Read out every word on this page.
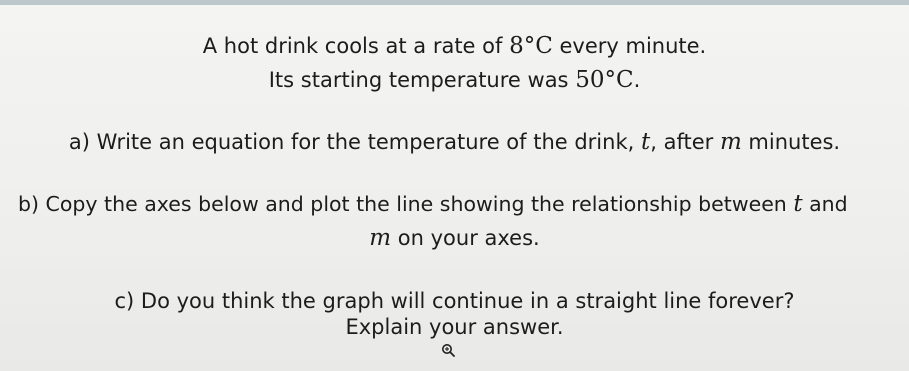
A hot drink cools at a rate of 8°C every minute.
Its starting temperature was 50°C.
a) Write an equation for the temperature of the drink, t, after m minutes.
b) Copy the axes below and plot the line showing the relationship between t and
m on your axes.
c) Do you think the graph will continue in a straight line forever?
Explain your answer.
